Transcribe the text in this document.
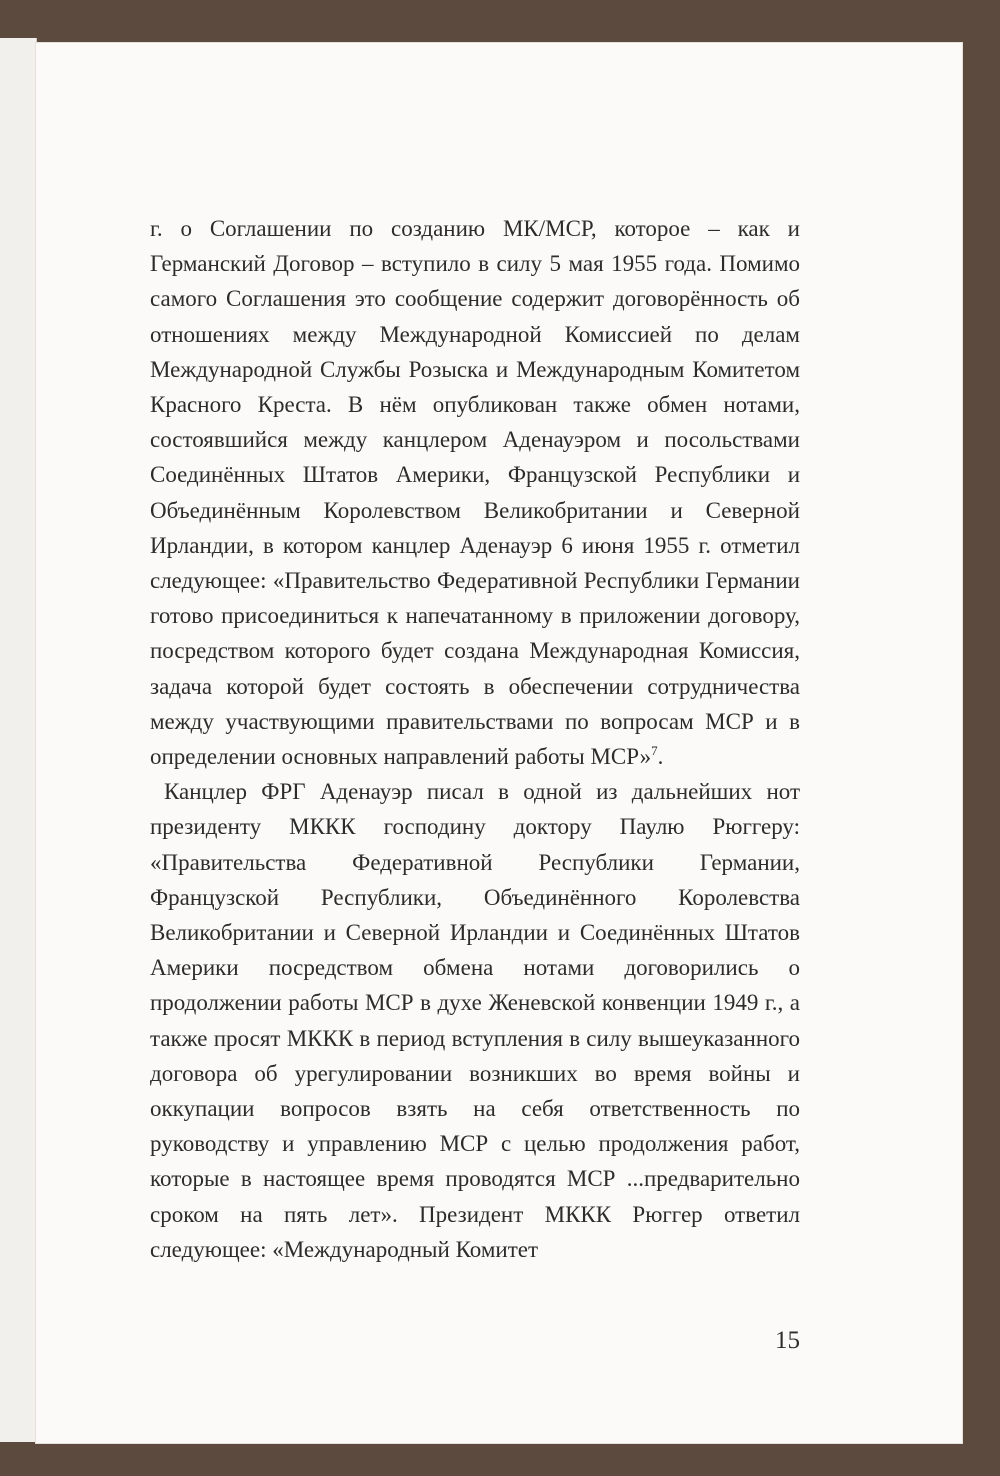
г. о Соглашении по созданию МК/МСР, которое – как и Германский Договор – вступило в силу 5 мая 1955 года. Помимо самого Соглашения это сообщение содержит договорённость об отношениях между Международной Комиссией по делам Международной Службы Розыска и Международным Комитетом Красного Креста. В нём опубликован также обмен нотами, состоявшийся между канцлером Аденауэром и посольствами Соединённых Штатов Америки, Французской Республики и Объединённым Королевством Великобритании и Северной Ирландии, в котором канцлер Аденауэр 6 июня 1955 г. отметил следующее: «Правительство Федеративной Республики Германии готово присоединиться к напечатанному в приложении договору, посредством которого будет создана Международная Комиссия, задача которой будет состоять в обеспечении сотрудничества между участвующими правительствами по вопросам МСР и в определении основных направлений работы МСР»$^7$.

Канцлер ФРГ Аденауэр писал в одной из дальнейших нот президенту МККК господину доктору Паулю Рюггеру: «Правительства Федеративной Республики Германии, Французской Республики, Объединённого Королевства Великобритании и Северной Ирландии и Соединённых Штатов Америки посредством обмена нотами договорились о продолжении работы МСР в духе Женевской конвенции 1949 г., а также просят МККК в период вступления в силу вышеуказанного договора об урегулировании возникших во время войны и оккупации вопросов взять на себя ответственность по руководству и управлению МСР с целью продолжения работ, которые в настоящее время проводятся МСР ...предварительно сроком на пять лет». Президент МККК Рюггер ответил следующее: «Международный Комитет

15
